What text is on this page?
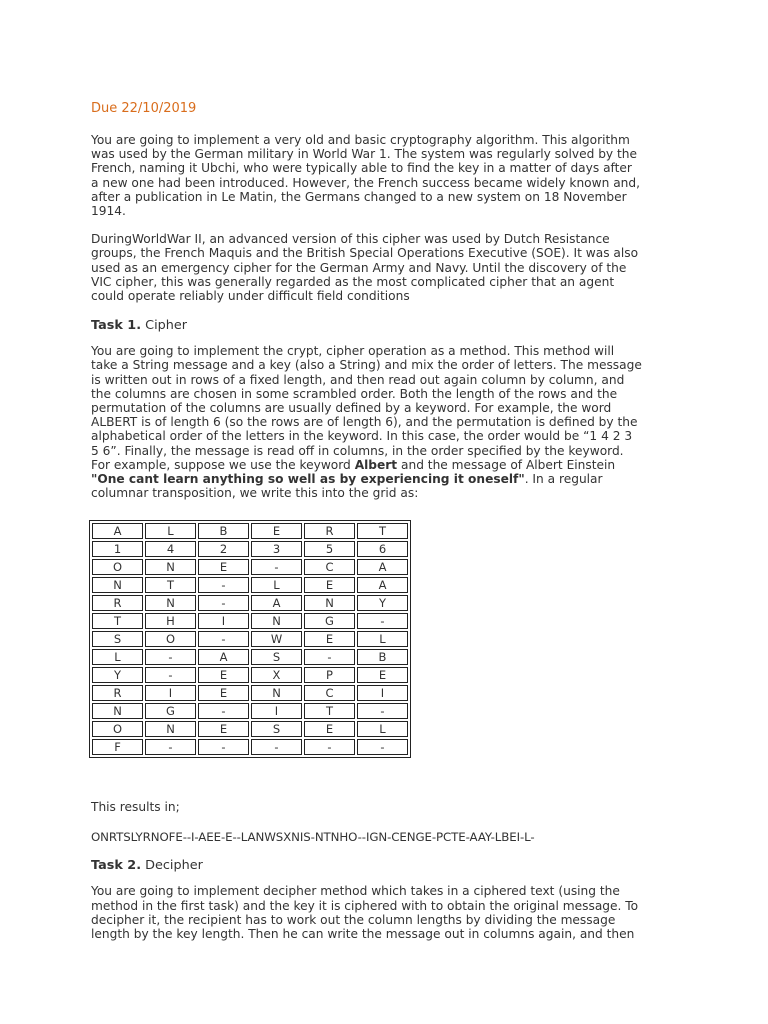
Due 22/10/2019

You are going to implement a very old and basic cryptography algorithm. This algorithm
was used by the German military in World War 1. The system was regularly solved by the
French, naming it Ubchi, who were typically able to find the key in a matter of days after
a new one had been introduced. However, the French success became widely known and,
after a publication in Le Matin, the Germans changed to a new system on 18 November
1914.

DuringWorldWar II, an advanced version of this cipher was used by Dutch Resistance
groups, the French Maquis and the British Special Operations Executive (SOE). It was also
used as an emergency cipher for the German Army and Navy. Until the discovery of the
VIC cipher, this was generally regarded as the most complicated cipher that an agent
could operate reliably under difficult field conditions

Task 1. Cipher

You are going to implement the crypt, cipher operation as a method. This method will
take a String message and a key (also a String) and mix the order of letters. The message
is written out in rows of a fixed length, and then read out again column by column, and
the columns are chosen in some scrambled order. Both the length of the rows and the
permutation of the columns are usually defined by a keyword. For example, the word
ALBERT is of length 6 (so the rows are of length 6), and the permutation is defined by the
alphabetical order of the letters in the keyword. In this case, the order would be “1 4 2 3
5 6”. Finally, the message is read off in columns, in the order specified by the keyword.
For example, suppose we use the keyword Albert and the message of Albert Einstein
"One cant learn anything so well as by experiencing it oneself". In a regular
columnar transposition, we write this into the grid as:

A	L	B	E	R	T
1	4	2	3	5	6
O	N	E	-	C	A
N	T	-	L	E	A
R	N	-	A	N	Y
T	H	I	N	G	-
S	O	-	W	E	L
L	-	A	S	-	B
Y	-	E	X	P	E
R	I	E	N	C	I
N	G	-	I	T	-
O	N	E	S	E	L
F	-	-	-	-	-

This results in;

ONRTSLYRNOFE--I-AEE-E--LANWSXNIS-NTNHO--IGN-CENGE-PCTE-AAY-LBEI-L-

Task 2. Decipher

You are going to implement decipher method which takes in a ciphered text (using the
method in the first task) and the key it is ciphered with to obtain the original message. To
decipher it, the recipient has to work out the column lengths by dividing the message
length by the key length. Then he can write the message out in columns again, and then
